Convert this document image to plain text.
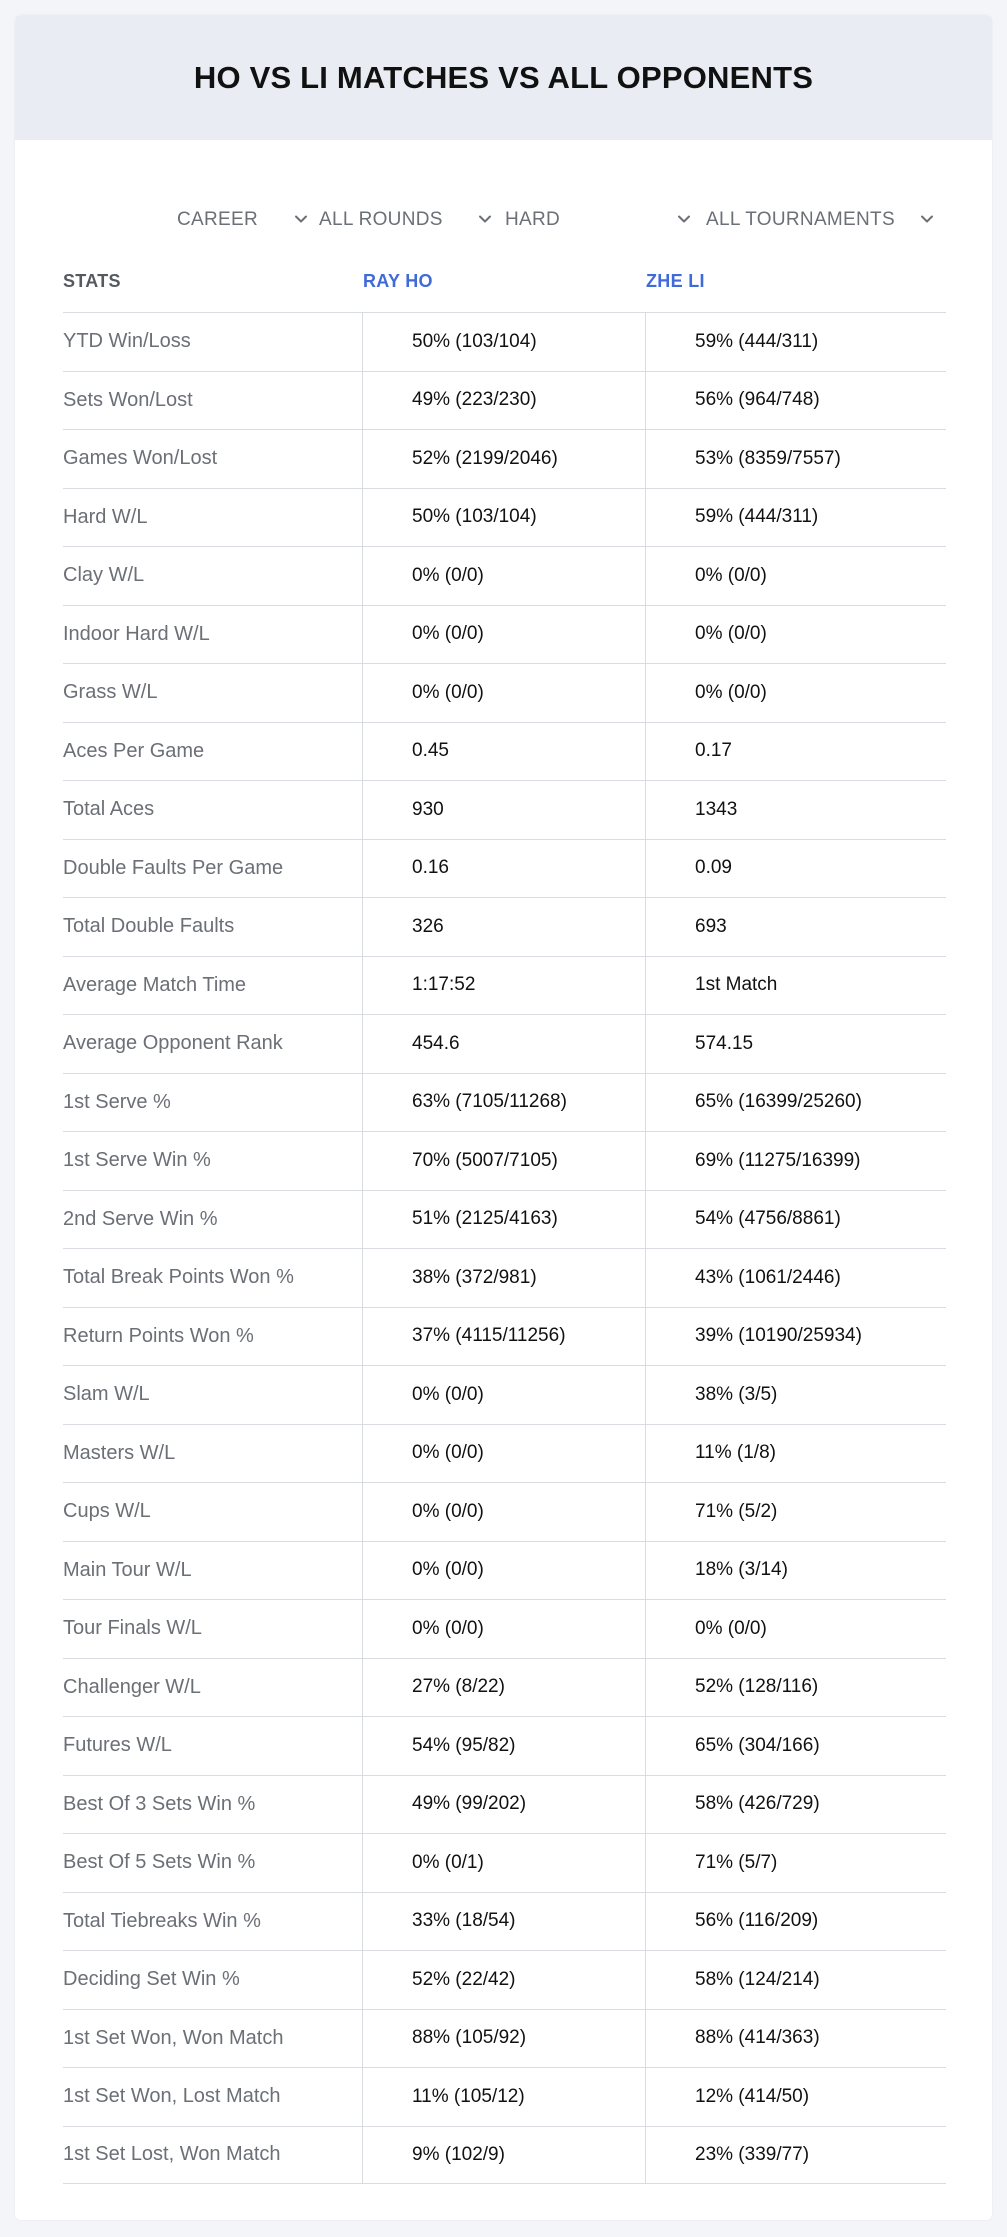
HO VS LI MATCHES VS ALL OPPONENTS
CAREER	ALL ROUNDS	HARD	ALL TOURNAMENTS
STATS	RAY HO	ZHE LI
YTD Win/Loss	50% (103/104)	59% (444/311)
Sets Won/Lost	49% (223/230)	56% (964/748)
Games Won/Lost	52% (2199/2046)	53% (8359/7557)
Hard W/L	50% (103/104)	59% (444/311)
Clay W/L	0% (0/0)	0% (0/0)
Indoor Hard W/L	0% (0/0)	0% (0/0)
Grass W/L	0% (0/0)	0% (0/0)
Aces Per Game	0.45	0.17
Total Aces	930	1343
Double Faults Per Game	0.16	0.09
Total Double Faults	326	693
Average Match Time	1:17:52	1st Match
Average Opponent Rank	454.6	574.15
1st Serve %	63% (7105/11268)	65% (16399/25260)
1st Serve Win %	70% (5007/7105)	69% (11275/16399)
2nd Serve Win %	51% (2125/4163)	54% (4756/8861)
Total Break Points Won %	38% (372/981)	43% (1061/2446)
Return Points Won %	37% (4115/11256)	39% (10190/25934)
Slam W/L	0% (0/0)	38% (3/5)
Masters W/L	0% (0/0)	11% (1/8)
Cups W/L	0% (0/0)	71% (5/2)
Main Tour W/L	0% (0/0)	18% (3/14)
Tour Finals W/L	0% (0/0)	0% (0/0)
Challenger W/L	27% (8/22)	52% (128/116)
Futures W/L	54% (95/82)	65% (304/166)
Best Of 3 Sets Win %	49% (99/202)	58% (426/729)
Best Of 5 Sets Win %	0% (0/1)	71% (5/7)
Total Tiebreaks Win %	33% (18/54)	56% (116/209)
Deciding Set Win %	52% (22/42)	58% (124/214)
1st Set Won, Won Match	88% (105/92)	88% (414/363)
1st Set Won, Lost Match	11% (105/12)	12% (414/50)
1st Set Lost, Won Match	9% (102/9)	23% (339/77)
